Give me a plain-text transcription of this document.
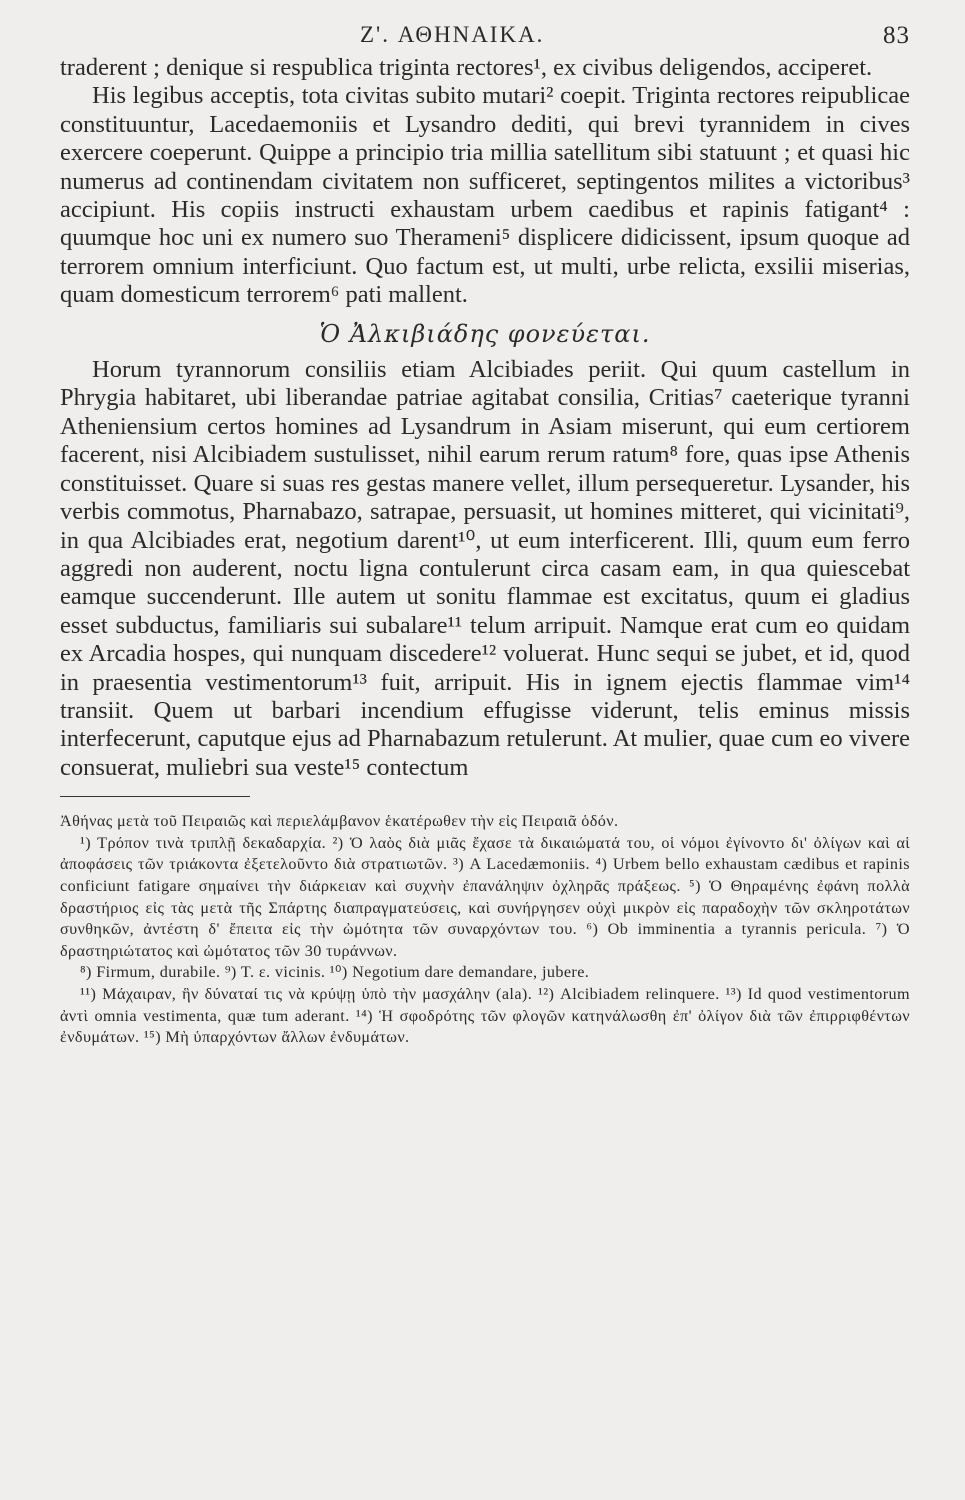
Z'. ΑΘΗΝΑΙΚΑ.	83

traderent ; denique si respublica triginta rectores¹, ex civibus deligendos, acciperet.

His legibus acceptis, tota civitas subito mutari² coepit. Triginta rectores reipublicae constituuntur, Lacedaemoniis et Lysandro dediti, qui brevi tyrannidem in cives exercere coeperunt. Quippe a principio tria millia satellitum sibi statuunt ; et quasi hic numerus ad continendam civitatem non sufficeret, septingentos milites a victoribus³ accipiunt. His copiis instructi exhaustam urbem caedibus et rapinis fatigant⁴ : quumque hoc uni ex numero suo Therameni⁵ displicere didicissent, ipsum quoque ad terrorem omnium interficiunt. Quo factum est, ut multi, urbe relicta, exsilii miserias, quam domesticum terrorem⁶ pati mallent.

Ὁ Ἀλκιβιάδης φονεύεται.

Horum tyrannorum consiliis etiam Alcibiades periit. Qui quum castellum in Phrygia habitaret, ubi liberandae patriae agitabat consilia, Critias⁷ caeterique tyranni Atheniensium certos homines ad Lysandrum in Asiam miserunt, qui eum certiorem facerent, nisi Alcibiadem sustulisset, nihil earum rerum ratum⁸ fore, quas ipse Athenis constituisset. Quare si suas res gestas manere vellet, illum persequeretur. Lysander, his verbis commotus, Pharnabazo, satrapae, persuasit, ut homines mitteret, qui vicinitati⁹, in qua Alcibiades erat, negotium darent¹⁰, ut eum interficerent. Illi, quum eum ferro aggredi non auderent, noctu ligna contulerunt circa casam eam, in qua quiescebat eamque succenderunt. Ille autem ut sonitu flammae est excitatus, quum ei gladius esset subductus, familiaris sui subalare¹¹ telum arripuit. Namque erat cum eo quidam ex Arcadia hospes, qui nunquam discedere¹² voluerat. Hunc sequi se jubet, et id, quod in praesentia vestimentorum¹³ fuit, arripuit. His in ignem ejectis flammae vim¹⁴ transiit. Quem ut barbari incendium effugisse viderunt, telis eminus missis interfecerunt, caputque ejus ad Pharnabazum retulerunt. At mulier, quae cum eo vivere consuerat, muliebri sua veste¹⁵ contectum

Ἀθήνας μετὰ τοῦ Πειραιῶς καὶ περιελάμβανον ἑκατέρωθεν τὴν εἰς Πειραιᾶ ὁδόν.

¹) Τρόπον τινὰ τριπλῇ δεκαδαρχία. ²) Ὁ λαὸς διὰ μιᾶς ἔχασε τὰ δικαιώματά του, οἱ νόμοι ἐγίνοντο δι' ὀλίγων καὶ αἱ ἀποφάσεις τῶν τριάκοντα ἐξετελοῦντο διὰ στρατιωτῶν. ³) A Lacedæmoniis. ⁴) Urbem bello exhaustam cædibus et rapinis conficiunt fatigare σημαίνει τὴν διάρκειαν καὶ συχνὴν ἐπανάληψιν ὀχληρᾶς πράξεως. ⁵) Ὁ Θηραμένης ἐφάνη πολλὰ δραστήριος εἰς τὰς μετὰ τῆς Σπάρτης διαπραγματεύσεις, καὶ συνήργησεν οὐχὶ μικρὸν εἰς παραδοχὴν τῶν σκληροτάτων συνθηκῶν, ἀντέστη δ' ἔπειτα εἰς τὴν ὠμότητα τῶν συναρχόντων του. ⁶) Ob imminentia a tyrannis pericula. ⁷) Ὁ δραστηριώτατος καὶ ὠμότατος τῶν 30 τυράννων.

⁸) Firmum, durabile. ⁹) T. ε. vicinis. ¹⁰) Negotium dare demandare, jubere.

¹¹) Μάχαιραν, ἣν δύναταί τις νὰ κρύψῃ ὑπὸ τὴν μασχάλην (ala). ¹²) Alcibiadem relinquere. ¹³) Id quod vestimentorum ἀντὶ omnia vestimenta, quæ tum aderant. ¹⁴) Ἡ σφοδρότης τῶν φλογῶν κατηνάλωσθη ἐπ' ὀλίγον διὰ τῶν ἐπιρριφθέντων ἐνδυμάτων. ¹⁵) Μὴ ὑπαρχόντων ἄλλων ἐνδυμάτων.
